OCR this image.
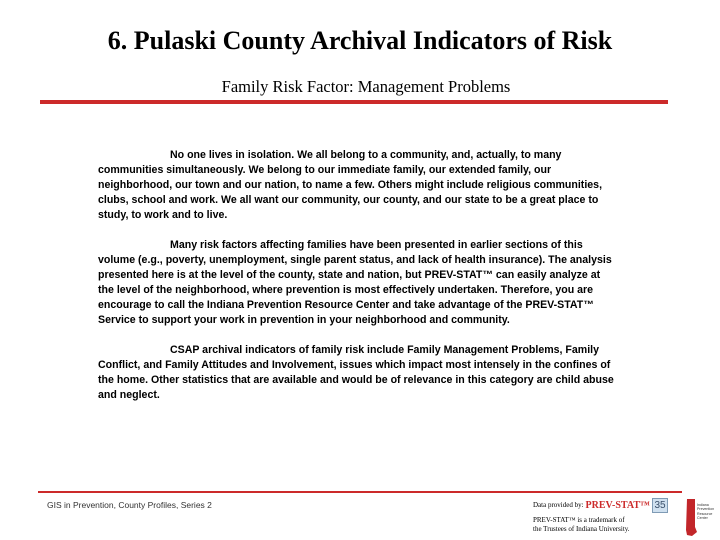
6. Pulaski County Archival Indicators of Risk
Family Risk Factor: Management Problems

No one lives in isolation. We all belong to a community, and, actually, to many communities simultaneously. We belong to our immediate family, our extended family, our neighborhood, our town and our nation, to name a few. Others might include religious communities, clubs, school and work. We all want our community, our county, and our state to be a great place to study, to work and to live.

Many risk factors affecting families have been presented in earlier sections of this volume (e.g., poverty, unemployment, single parent status, and lack of health insurance). The analysis presented here is at the level of the county, state and nation, but PREV-STAT™ can easily analyze at the level of the neighborhood, where prevention is most effectively undertaken. Therefore, you are encourage to call the Indiana Prevention Resource Center and take advantage of the PREV-STAT™ Service to support your work in prevention in your neighborhood and community.

CSAP archival indicators of family risk include Family Management Problems, Family Conflict, and Family Attitudes and Involvement, issues which impact most intensely in the confines of the home. Other statistics that are available and would be of relevance in this category are child abuse and neglect.

GIS in Prevention, County Profiles, Series 2	Data provided by: PREV-STAT™ 35
PREV-STAT™ is a trademark of
the Trustees of Indiana University.
Indiana
Prevention
Resource
Center
